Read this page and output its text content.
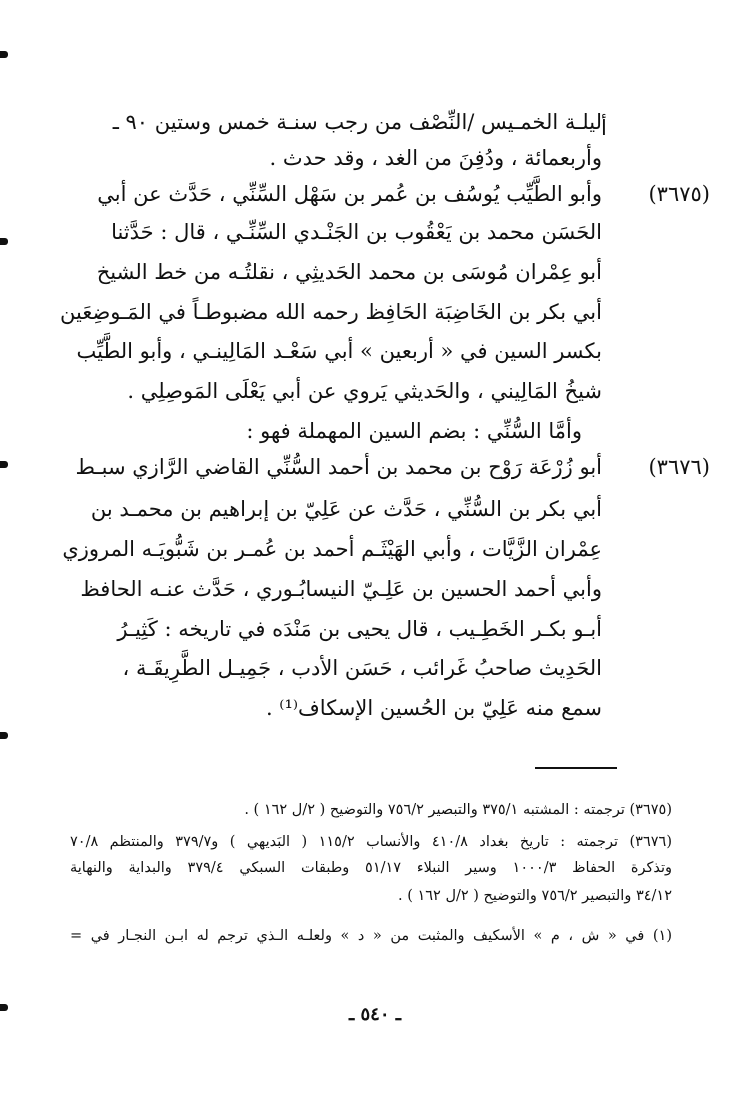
أ
ليلـة الخمـيس /النِّصْف من رجب سنـة خمس وستين ٩٠ ـ
وأربعمائة ، ودُفِنَ من الغد ، وقد حدث .
(٣٦٧٥)
وأبو الطَّيِّب يُوسُف بن عُمر بن سَهْل السِّنِّي ، حَدَّث عن أبي
الحَسَن محمد بن يَعْقُوب بن الجَنْـدي السِّنِّـي ، قال : حَدَّثنا
أبو عِمْران مُوسَى بن محمد الحَديثِي ، نقلتُـه من خط الشيخ
أبي بكر بن الخَاضِبَة الحَافِظ رحمه الله مضبوطـاً في المَـوضِعَين
بكسر السين في « أربعين » أبي سَعْـد المَالِينـي ، وأبو الطَّيِّب
شيخُ المَالِيني ، والحَديثي يَروي عن أبي يَعْلَى المَوصِلِي .
وأمَّا السُّنِّي : بضم السين المهملة فهو :
(٣٦٧٦)
أبو زُرْعَة رَوْح بن محمد بن أحمد السُّنِّي القاضي الرَّازي سبـط
أبي بكر بن السُّنِّي ، حَدَّث عن عَلِيّ بن إبراهيم بن محمـد بن
عِمْران الزَّيَّات ، وأبي الهَيْثَـم أحمد بن عُمـر بن شَبُّويَـه المروزي
وأبي أحمد الحسين بن عَلِـيّ النيسابُـوري ، حَدَّث عنـه الحافظ
أبـو بكـر الخَطِـيب ، قال يحيى بن مَنْدَه في تاريخه : كَثِيـرُ
الحَدِيث صاحبُ غَرائب ، حَسَن الأدب ، جَمِيـل الطَّرِيقَـة ،
سمع منه عَلِيّ بن الحُسين الإسكاف⁽¹⁾ .
(٣٦٧٥) ترجمته : المشتبه ٣٧٥/١ والتبصير ٧٥٦/٢ والتوضيح ( ٢/ل ١٦٢ ) .
(٣٦٧٦) ترجمته : تاريخ بغداد ٤١٠/٨ والأنساب ١١٥/٢ ( البَديهي ) و٣٧٩/٧ والمنتظم ٧٠/٨
وتذكرة الحفاظ ١٠٠٠/٣ وسير النبلاء ٥١/١٧ وطبقات السبكي ٣٧٩/٤ والبداية والنهاية
٣٤/١٢ والتبصير ٧٥٦/٢ والتوضيح ( ٢/ل ١٦٢ ) .
(١) في « ش ، م » الأسكيف والمثبت من « د » ولعلـه الـذي ترجم له ابـن النجـار في =
ـ ٥٤٠ ـ
